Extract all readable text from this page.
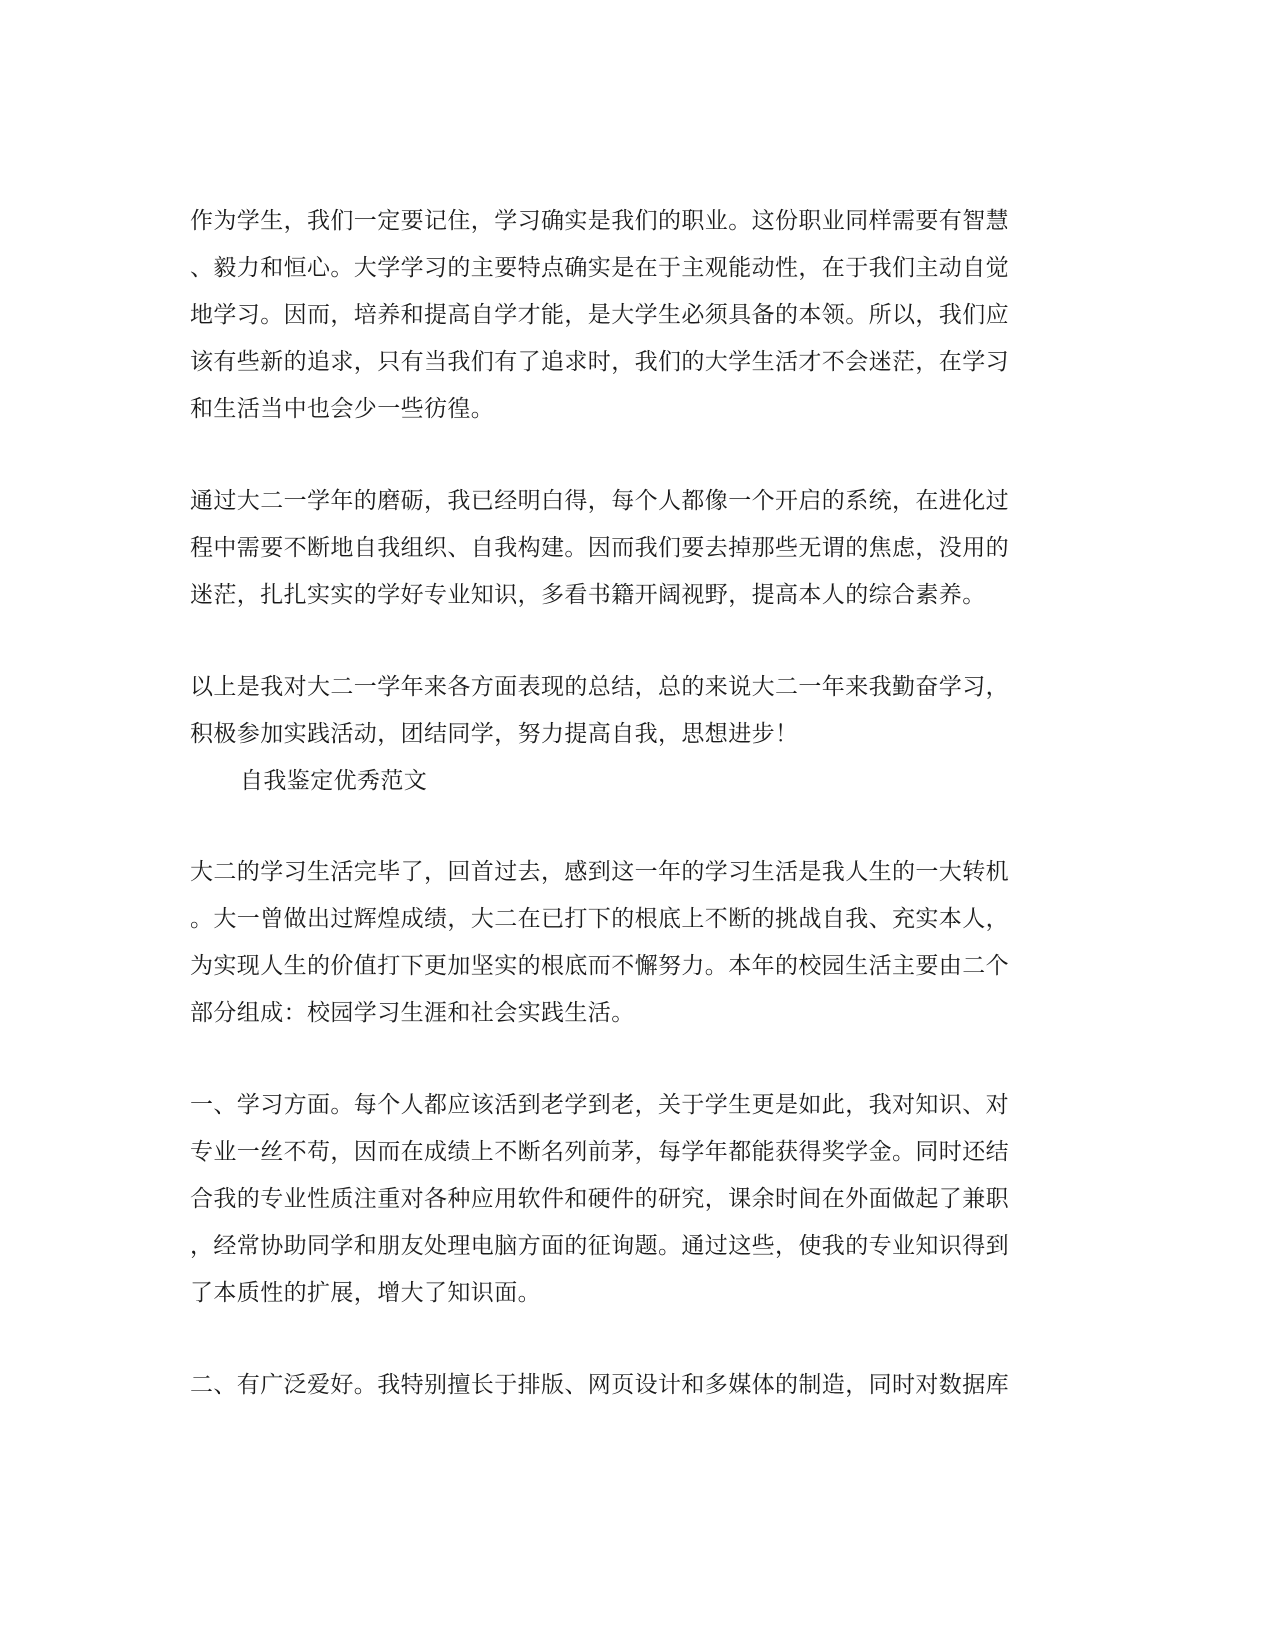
作为学生，我们一定要记住，学习确实是我们的职业。这份职业同样需要有智慧
、毅力和恒心。大学学习的主要特点确实是在于主观能动性，在于我们主动自觉
地学习。因而，培养和提高自学才能，是大学生必须具备的本领。所以，我们应
该有些新的追求，只有当我们有了追求时，我们的大学生活才不会迷茫，在学习
和生活当中也会少一些彷徨。
通过大二一学年的磨砺，我已经明白得，每个人都像一个开启的系统，在进化过
程中需要不断地自我组织、自我构建。因而我们要去掉那些无谓的焦虑，没用的
迷茫，扎扎实实的学好专业知识，多看书籍开阔视野，提高本人的综合素养。
以上是我对大二一学年来各方面表现的总结，总的来说大二一年来我勤奋学习，
积极参加实践活动，团结同学，努力提高自我，思想进步！
自我鉴定优秀范文
大二的学习生活完毕了，回首过去，感到这一年的学习生活是我人生的一大转机
。大一曾做出过辉煌成绩，大二在已打下的根底上不断的挑战自我、充实本人，
为实现人生的价值打下更加坚实的根底而不懈努力。本年的校园生活主要由二个
部分组成：校园学习生涯和社会实践生活。
一、学习方面。每个人都应该活到老学到老，关于学生更是如此，我对知识、对
专业一丝不苟，因而在成绩上不断名列前茅，每学年都能获得奖学金。同时还结
合我的专业性质注重对各种应用软件和硬件的研究，课余时间在外面做起了兼职
，经常协助同学和朋友处理电脑方面的征询题。通过这些，使我的专业知识得到
了本质性的扩展，增大了知识面。
二、有广泛爱好。我特别擅长于排版、网页设计和多媒体的制造，同时对数据库
